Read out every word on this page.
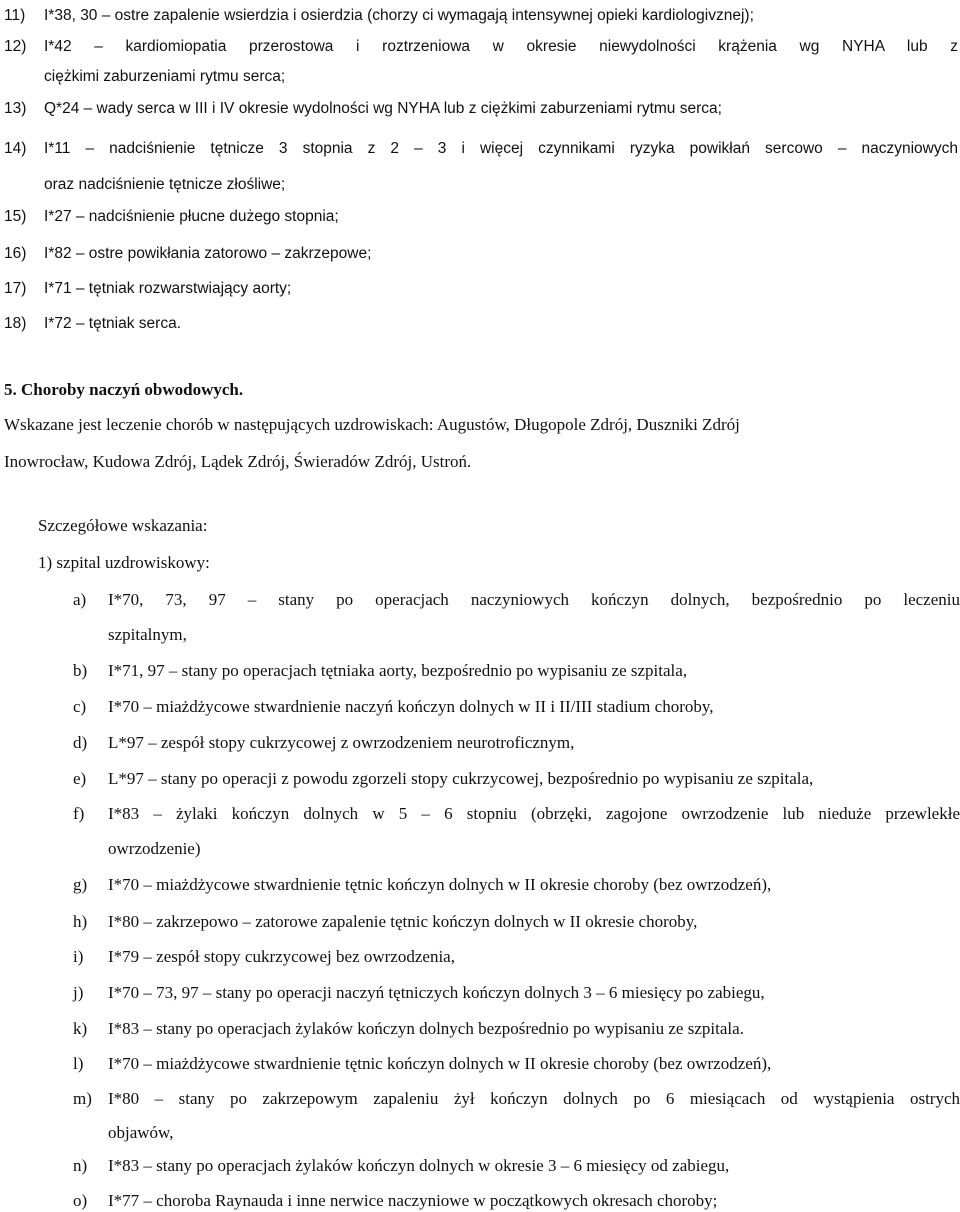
11) I*38, 30 – ostre zapalenie wsierdzia i osierdzia (chorzy ci wymagają intensywnej opieki kardiologivznej);
12) I*42 – kardiomiopatia przerostowa i roztrzeniowa w okresie niewydolności krążenia wg NYHA lub z
ciężkimi zaburzeniami rytmu serca;
13) Q*24 – wady serca w III i IV okresie wydolności wg NYHA lub z ciężkimi zaburzeniami rytmu serca;
14) I*11 – nadciśnienie tętnicze 3 stopnia z 2 – 3 i więcej czynnikami ryzyka powikłań sercowo – naczyniowych
oraz nadciśnienie tętnicze złośliwe;
15) I*27 – nadciśnienie płucne dużego stopnia;
16) I*82 – ostre powikłania zatorowo – zakrzepowe;
17) I*71 – tętniak rozwarstwiający aorty;
18) I*72 – tętniak serca.
5. Choroby naczyń obwodowych.
Wskazane jest leczenie chorób w następujących uzdrowiskach: Augustów, Długopole Zdrój, Duszniki Zdrój
Inowrocław, Kudowa Zdrój, Lądek Zdrój, Świeradów Zdrój, Ustroń.
Szczegółowe wskazania:
1) szpital uzdrowiskowy:
a) I*70, 73, 97 – stany po operacjach naczyniowych kończyn dolnych, bezpośrednio po leczeniu
szpitalnym,
b) I*71, 97 – stany po operacjach tętniaka aorty, bezpośrednio po wypisaniu ze szpitala,
c) I*70 – miażdżycowe stwardnienie naczyń kończyn dolnych w II i II/III stadium choroby,
d) L*97 – zespół stopy cukrzycowej z owrzodzeniem neurotroficznym,
e) L*97 – stany po operacji z powodu zgorzeli stopy cukrzycowej, bezpośrednio po wypisaniu ze szpitala,
f) I*83 – żylaki kończyn dolnych w 5 – 6 stopniu (obrzęki, zagojone owrzodzenie lub nieduże przewlekłe
owrzodzenie)
g) I*70 – miażdżycowe stwardnienie tętnic kończyn dolnych w II okresie choroby (bez owrzodzeń),
h) I*80 – zakrzepowo – zatorowe zapalenie tętnic kończyn dolnych w II okresie choroby,
i) I*79 – zespół stopy cukrzycowej bez owrzodzenia,
j) I*70 – 73, 97 – stany po operacji naczyń tętniczych kończyn dolnych 3 – 6 miesięcy po zabiegu,
k) I*83 – stany po operacjach żylaków kończyn dolnych bezpośrednio po wypisaniu ze szpitala.
l) I*70 – miażdżycowe stwardnienie tętnic kończyn dolnych w II okresie choroby (bez owrzodzeń),
m) I*80 – stany po zakrzepowym zapaleniu żył kończyn dolnych po 6 miesiącach od wystąpienia ostrych
objawów,
n) I*83 – stany po operacjach żylaków kończyn dolnych w okresie 3 – 6 miesięcy od zabiegu,
o) I*77 – choroba Raynauda i inne nerwice naczyniowe w początkowych okresach choroby;
